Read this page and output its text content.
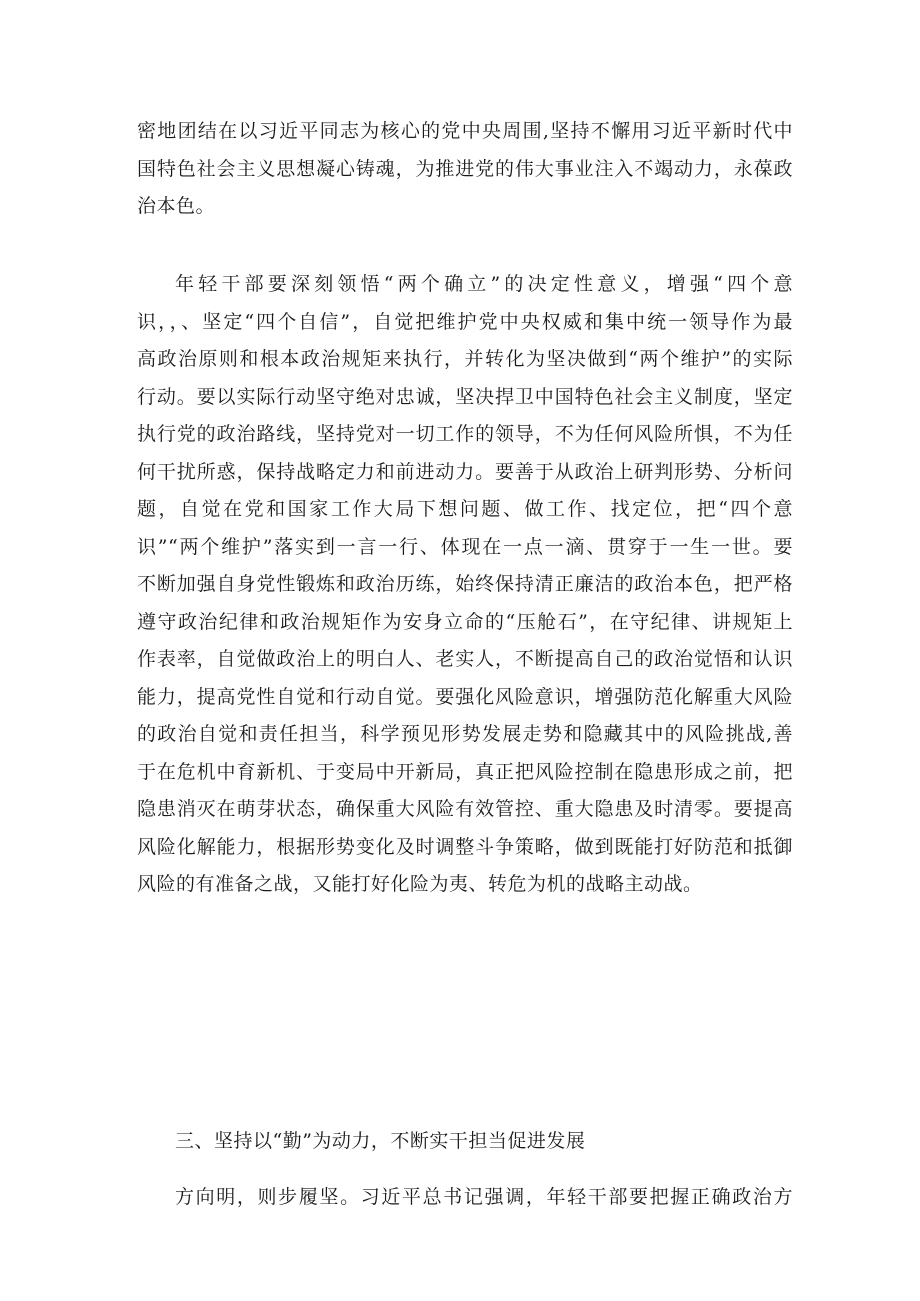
密地团结在以习近平同志为核心的党中央周围,坚持不懈用习近平新时代中
国特色社会主义思想凝心铸魂，为推进党的伟大事业注入不竭动力，永葆政
治本色。
年轻干部要深刻领悟“两个确立”的决定性意义，增强“四个意
识，，、坚定“四个自信”，自觉把维护党中央权威和集中统一领导作为最
高政治原则和根本政治规矩来执行，并转化为坚决做到“两个维护”的实际
行动。要以实际行动坚守绝对忠诚，坚决捍卫中国特色社会主义制度，坚定
执行党的政治路线，坚持党对一切工作的领导，不为任何风险所惧，不为任
何干扰所惑，保持战略定力和前进动力。要善于从政治上研判形势、分析问
题，自觉在党和国家工作大局下想问题、做工作、找定位，把“四个意
识”“两个维护”落实到一言一行、体现在一点一滴、贯穿于一生一世。要
不断加强自身党性锻炼和政治历练，始终保持清正廉洁的政治本色，把严格
遵守政治纪律和政治规矩作为安身立命的“压舱石”，在守纪律、讲规矩上
作表率，自觉做政治上的明白人、老实人，不断提高自己的政治觉悟和认识
能力，提高党性自觉和行动自觉。要强化风险意识，增强防范化解重大风险
的政治自觉和责任担当，科学预见形势发展走势和隐藏其中的风险挑战,善
于在危机中育新机、于变局中开新局，真正把风险控制在隐患形成之前，把
隐患消灭在萌芽状态，确保重大风险有效管控、重大隐患及时清零。要提高
风险化解能力，根据形势变化及时调整斗争策略，做到既能打好防范和抵御
风险的有准备之战，又能打好化险为夷、转危为机的战略主动战。
三、坚持以“勤”为动力，不断实干担当促进发展
方向明，则步履坚。习近平总书记强调，年轻干部要把握正确政治方
